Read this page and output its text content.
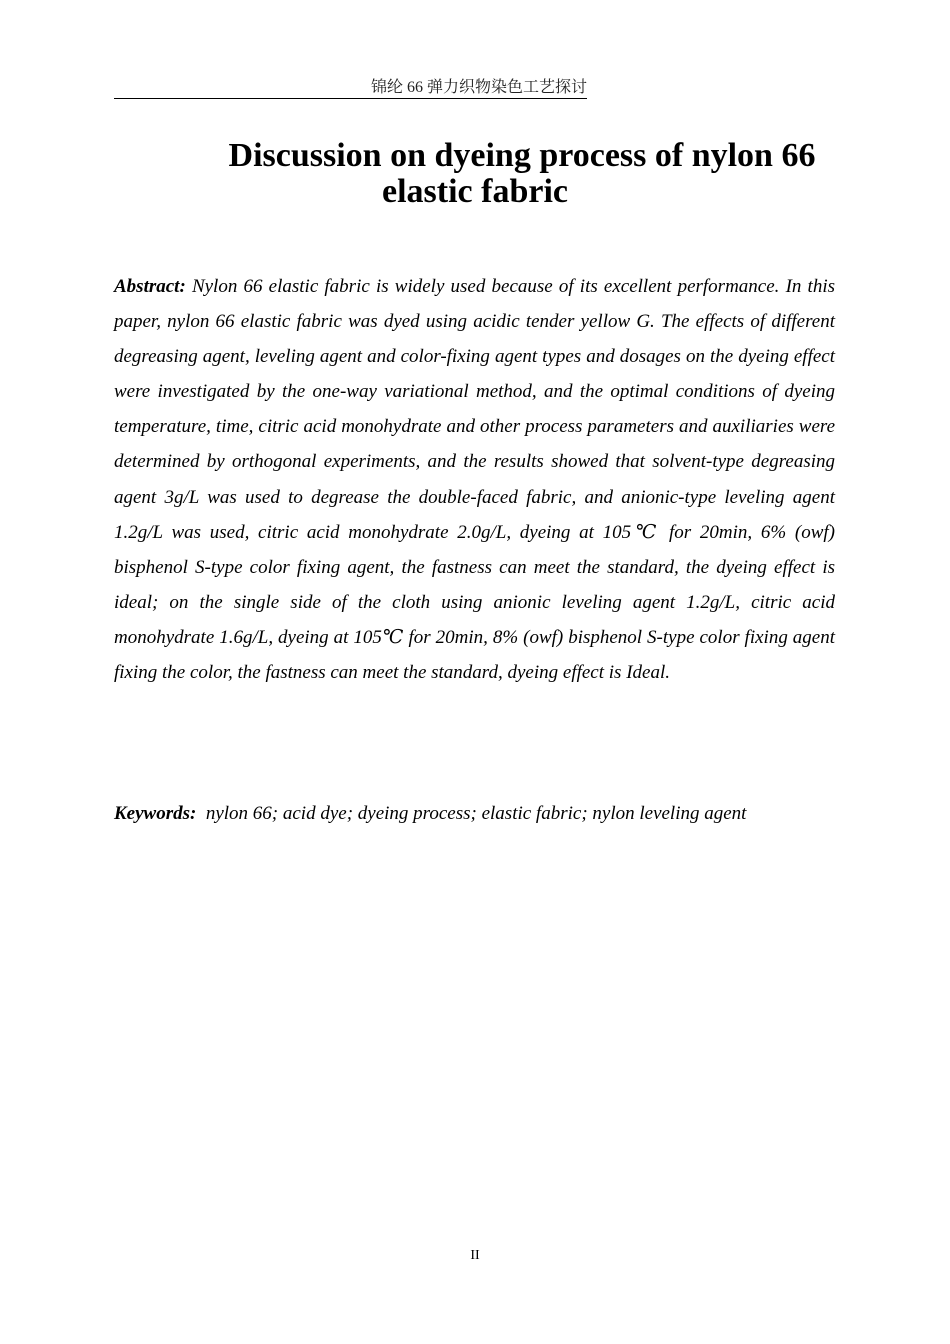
锦纶 66 弹力织物染色工艺探讨
Discussion on dyeing process of nylon 66
elastic fabric

Abstract: Nylon 66 elastic fabric is widely used because of its excellent performance. In this paper, nylon 66 elastic fabric was dyed using acidic tender yellow G. The effects of different degreasing agent, leveling agent and color-fixing agent types and dosages on the dyeing effect were investigated by the one-way variational method, and the optimal conditions of dyeing temperature, time, citric acid monohydrate and other process parameters and auxiliaries were determined by orthogonal experiments, and the results showed that solvent-type degreasing agent 3g/L was used to degrease the double-faced fabric, and anionic-type leveling agent 1.2g/L was used, citric acid monohydrate 2.0g/L, dyeing at 105℃ for 20min, 6% (owf) bisphenol S-type color fixing agent, the fastness can meet the standard, the dyeing effect is ideal; on the single side of the cloth using anionic leveling agent 1.2g/L, citric acid monohydrate 1.6g/L, dyeing at 105℃ for 20min, 8% (owf) bisphenol S-type color fixing agent fixing the color, the fastness can meet the standard, dyeing effect is Ideal.

Keywords: nylon 66; acid dye; dyeing process; elastic fabric; nylon leveling agent

II
